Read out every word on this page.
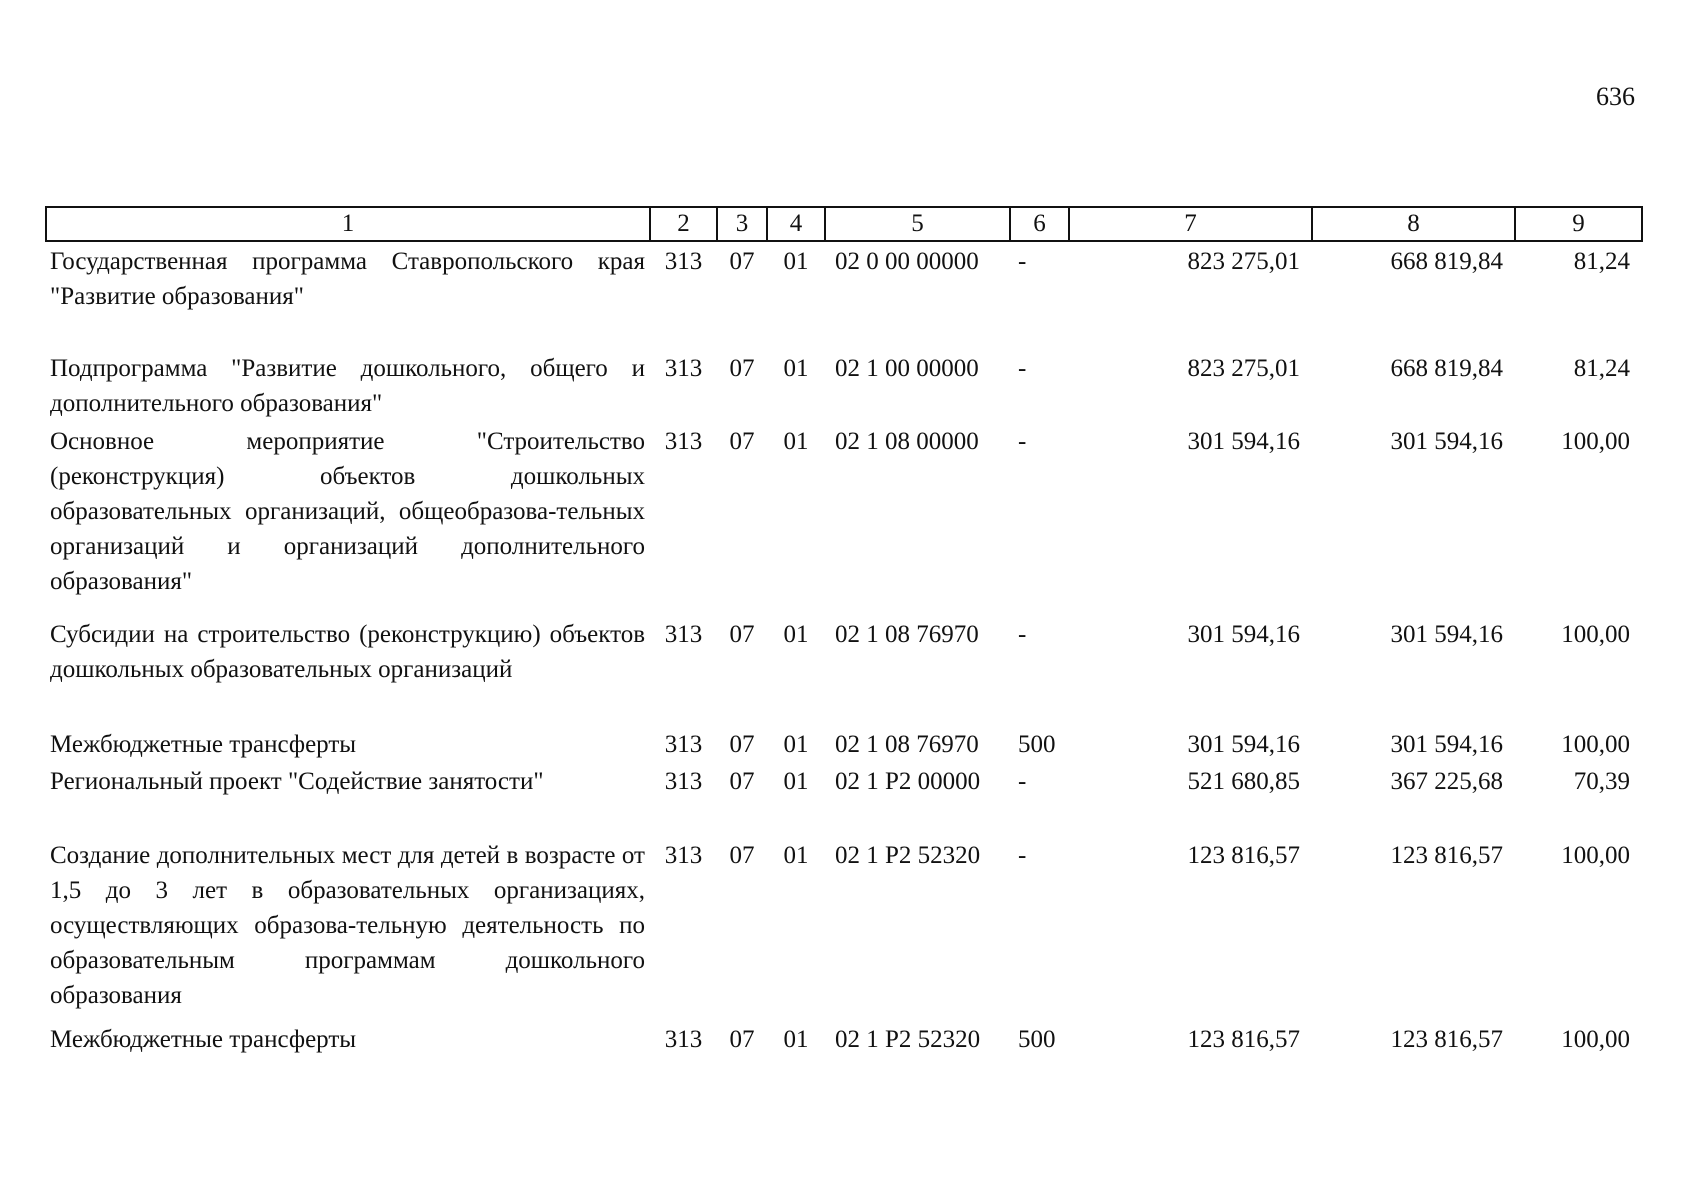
636
1	2	3	4	5	6	7	8	9
Государственная программа Ставропольского края "Развитие образования"	313	07	01	02 0 00 00000	-	823 275,01	668 819,84	81,24
Подпрограмма "Развитие дошкольного, общего и дополнительного образования"	313	07	01	02 1 00 00000	-	823 275,01	668 819,84	81,24
Основное мероприятие "Строительство (реконструкция) объектов дошкольных образовательных организаций, общеобразова-тельных организаций и организаций дополнительного образования"	313	07	01	02 1 08 00000	-	301 594,16	301 594,16	100,00
Субсидии на строительство (реконструкцию) объектов дошкольных образовательных организаций	313	07	01	02 1 08 76970	-	301 594,16	301 594,16	100,00
Межбюджетные трансферты	313	07	01	02 1 08 76970	500	301 594,16	301 594,16	100,00
Региональный проект "Содействие занятости"	313	07	01	02 1 P2 00000	-	521 680,85	367 225,68	70,39
Создание дополнительных мест для детей в возрасте от 1,5 до 3 лет в образовательных организациях, осуществляющих образова-тельную деятельность по образовательным программам дошкольного образования	313	07	01	02 1 P2 52320	-	123 816,57	123 816,57	100,00
Межбюджетные трансферты	313	07	01	02 1 P2 52320	500	123 816,57	123 816,57	100,00
